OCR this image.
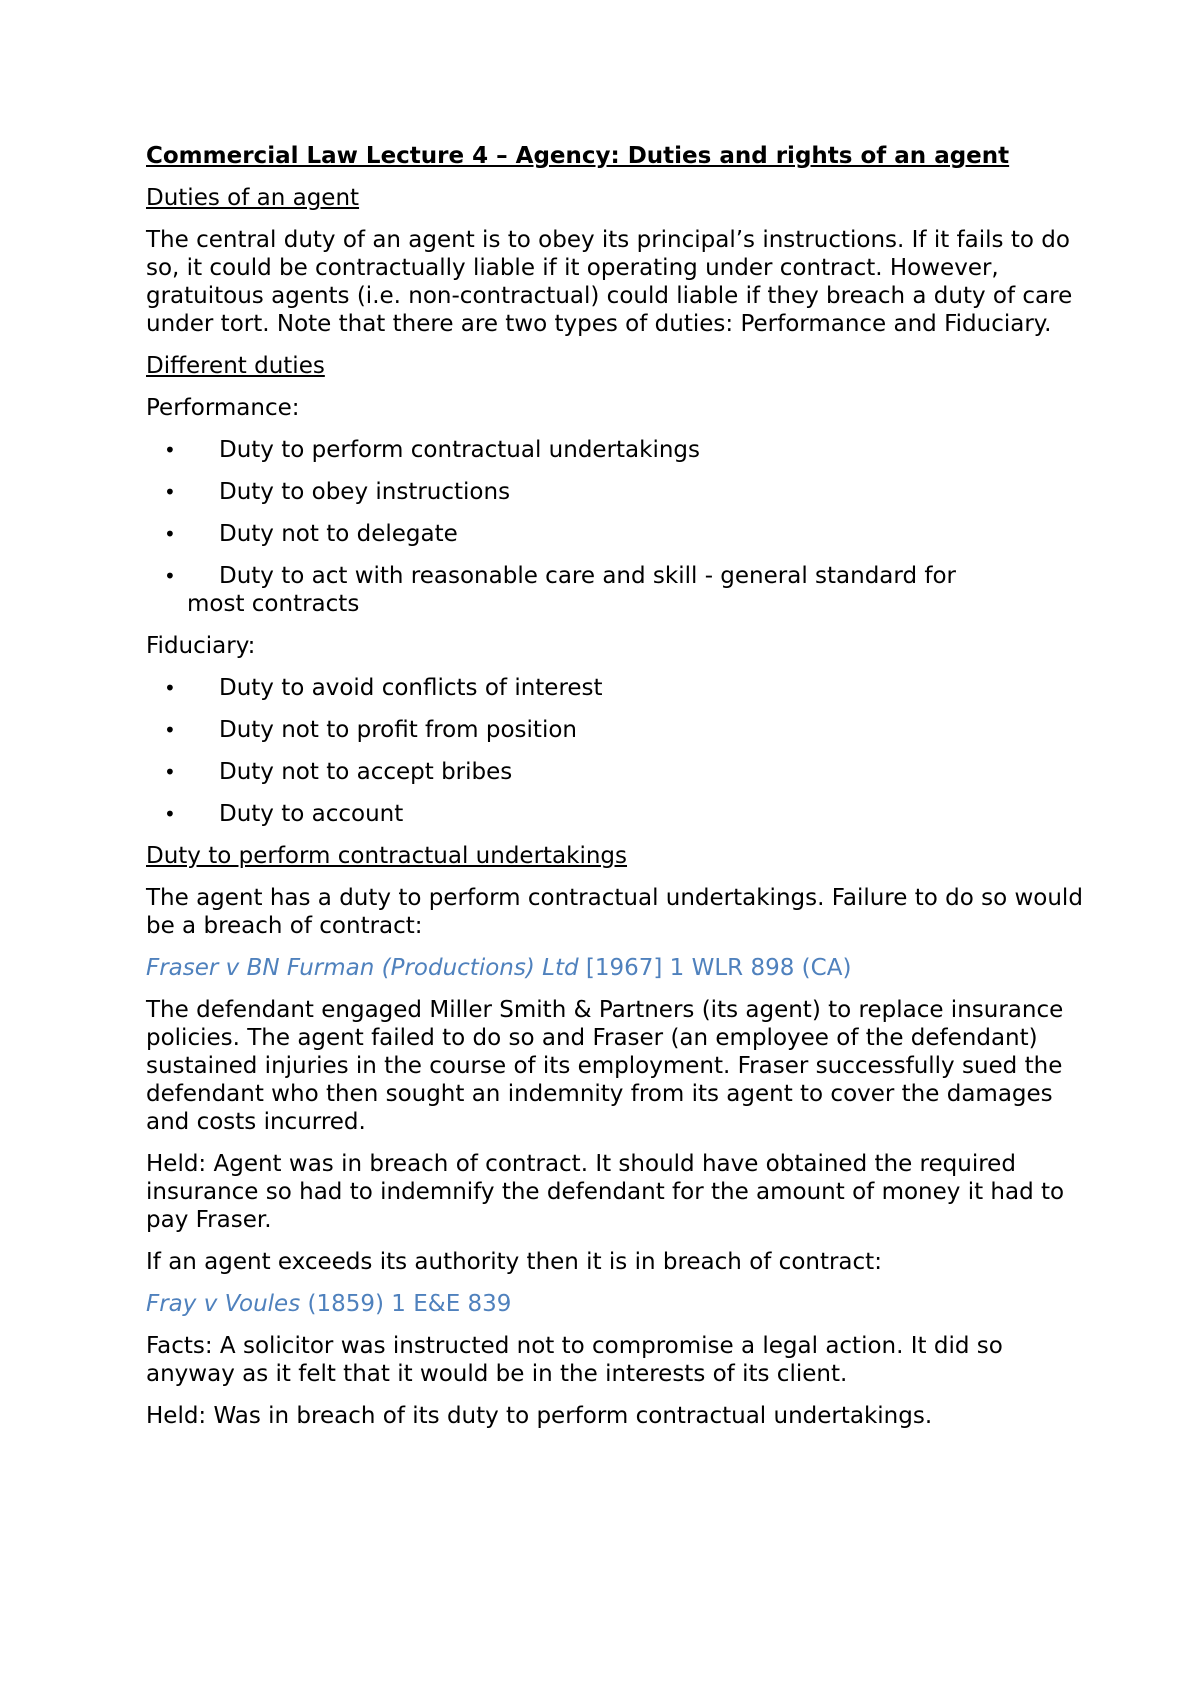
Commercial Law Lecture 4 – Agency: Duties and rights of an agent
Duties of an agent

The central duty of an agent is to obey its principal’s instructions. If it fails to do so, it could be contractually liable if it operating under contract. However, gratuitous agents (i.e. non-contractual) could liable if they breach a duty of care under tort. Note that there are two types of duties: Performance and Fiduciary.

Different duties

Performance:

• Duty to perform contractual undertakings
• Duty to obey instructions
• Duty not to delegate
• Duty to act with reasonable care and skill - general standard for
most contracts

Fiduciary:

• Duty to avoid conflicts of interest
• Duty not to profit from position
• Duty not to accept bribes
• Duty to account
Duty to perform contractual undertakings

The agent has a duty to perform contractual undertakings. Failure to do so would be a breach of contract:

Fraser v BN Furman (Productions) Ltd [1967] 1 WLR 898 (CA)

The defendant engaged Miller Smith & Partners (its agent) to replace insurance policies. The agent failed to do so and Fraser (an employee of the defendant) sustained injuries in the course of its employment. Fraser successfully sued the defendant who then sought an indemnity from its agent to cover the damages and costs incurred.

Held: Agent was in breach of contract. It should have obtained the required insurance so had to indemnify the defendant for the amount of money it had to pay Fraser.

If an agent exceeds its authority then it is in breach of contract:

Fray v Voules (1859) 1 E&E 839

Facts: A solicitor was instructed not to compromise a legal action. It did so anyway as it felt that it would be in the interests of its client.

Held: Was in breach of its duty to perform contractual undertakings.
